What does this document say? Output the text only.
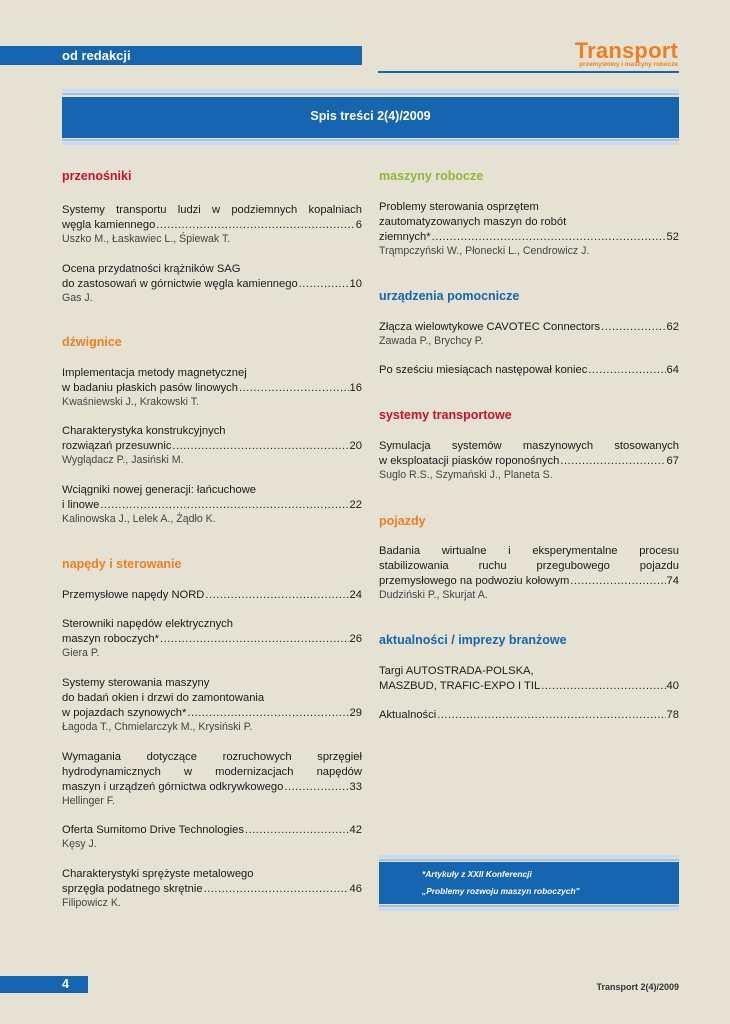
od redakcji	Transport
przemysłowy i maszyny robocze
Spis treści 2(4)/2009
przenośniki
Systemy transportu ludzi w podziemnych kopalniach
węgla kamiennego .....	6
Uszko M., Łaskawiec L., Śpiewak T.
Ocena przydatności krążników SAG
do zastosowań w górnictwie węgla kamiennego .....	10
Gas J.
dźwignice
Implementacja metody magnetycznej
w badaniu płaskich pasów linowych .....	16
Kwaśniewski J., Krakowski T.
Charakterystyka konstrukcyjnych
rozwiązań przesuwnic .....	20
Wyglądacz P., Jasiński M.
Wciągniki nowej generacji: łańcuchowe
i linowe .....	22
Kalinowska J., Lelek A., Żądło K.
napędy i sterowanie
Przemysłowe napędy NORD .....	24
Sterowniki napędów elektrycznych
maszyn roboczych* .....	26
Giera P.
Systemy sterowania maszyny
do badań okien i drzwi do zamontowania
w pojazdach szynowych* .....	29
Łagoda T., Chmielarczyk M., Krysiński P.
Wymagania dotyczące rozruchowych sprzęgieł
hydrodynamicznych w modernizacjach napędów
maszyn i urządzeń górnictwa odkrywkowego .....	33
Hellinger F.
Oferta Sumitomo Drive Technologies .....	42
Kęsy J.
Charakterystyki sprężyste metalowego
sprzęgła podatnego skrętnie .....	46
Filipowicz K.
maszyny robocze
Problemy sterowania osprzętem
zautomatyzowanych maszyn do robót
ziemnych* .....	52
Trąmpczyński W., Płonecki L., Cendrowicz J.
urządzenia pomocnicze
Złącza wielowtykowe CAVOTEC Connectors .....	62
Zawada P., Brychcy P.
Po sześciu miesiącach następował koniec .....	64
systemy transportowe
Symulacja systemów maszynowych stosowanych
w eksploatacji piasków roponośnych .....	67
Suglo R.S., Szymański J., Planeta S.
pojazdy
Badania wirtualne i eksperymentalne procesu
stabilizowania ruchu przegubowego pojazdu
przemysłowego na podwoziu kołowym .....	74
Dudziński P., Skurjat A.
aktualności / imprezy branżowe
Targi AUTOSTRADA-POLSKA,
MASZBUD, TRAFIC-EXPO I TIL .....	40
Aktualności .....	78
*Artykuły z XXII Konferencji
„Problemy rozwoju maszyn roboczych"
4	Transport 2(4)/2009
